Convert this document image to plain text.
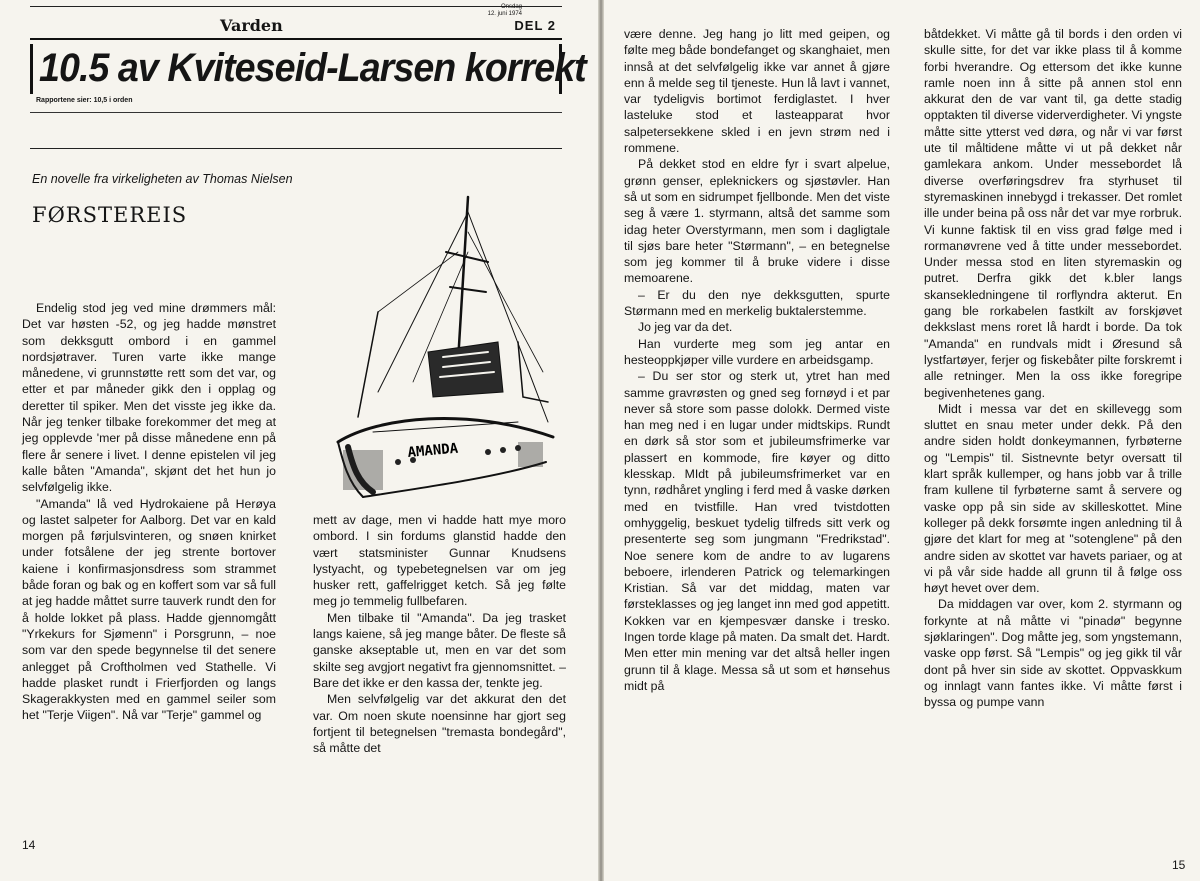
Varden
Onsdag
12. juni 1974
DEL 2
10.5 av Kviteseid-Larsen korrekt
Rapportene sier: 10,5 i orden
En novelle fra virkeligheten av Thomas Nielsen
FØRSTEREIS
AMANDA

Endelig stod jeg ved mine drømmers mål: Det var høsten -52, og jeg hadde mønstret som dekksgutt ombord i en gammel nordsjøtraver. Turen varte ikke mange månedene, vi grunnstøtte rett som det var, og etter et par måneder gikk den i opplag og deretter til spiker. Men det visste jeg ikke da. Når jeg tenker tilbake forekommer det meg at jeg opplevde 'mer på disse månedene enn på flere år senere i livet. I denne epistelen vil jeg kalle båten "Amanda", skjønt det het hun jo selvfølgelig ikke.

"Amanda" lå ved Hydrokaiene på Herøya og lastet salpeter for Aalborg. Det var en kald morgen på førjulsvinteren, og snøen knirket under fotsålene der jeg strente bortover kaiene i konfirmasjonsdress som strammet både foran og bak og en koffert som var så full at jeg hadde måttet surre tauverk rundt den for å holde lokket på plass. Hadde gjennomgått "Yrkekurs for Sjømenn" i Porsgrunn, – noe som var den spede begynnelse til det senere anlegget på Croftholmen ved Stathelle. Vi hadde plasket rundt i Frierfjorden og langs Skagerakkysten med en gammel seiler som het "Terje Viigen". Nå var "Terje" gammel og

mett av dage, men vi hadde hatt mye moro ombord. I sin fordums glanstid hadde den vært statsminister Gunnar Knudsens lystyacht, og typebetegnelsen var om jeg husker rett, gaffelrigget ketch. Så jeg følte meg jo temmelig fullbefaren.

Men tilbake til "Amanda". Da jeg trasket langs kaiene, så jeg mange båter. De fleste så ganske akseptable ut, men en var det som skilte seg avgjort negativt fra gjennomsnittet. – Bare det ikke er den kassa der, tenkte jeg.

Men selvfølgelig var det akkurat den det var. Om noen skute noensinne har gjort seg fortjent til betegnelsen "tremasta bondegård", så måtte det

14

være denne. Jeg hang jo litt med geipen, og følte meg både bondefanget og skanghaiet, men innså at det selvfølgelig ikke var annet å gjøre enn å melde seg til tjeneste. Hun lå lavt i vannet, var tydeligvis bortimot ferdiglastet. I hver lasteluke stod et lasteapparat hvor salpetersekkene skled i en jevn strøm ned i rommene.

På dekket stod en eldre fyr i svart alpelue, grønn genser, epleknickers og sjøstøvler. Han så ut som en sidrumpet fjellbonde. Men det viste seg å være 1. styrmann, altså det samme som idag heter Overstyrmann, men som i dagligtale til sjøs bare heter "Størmann", – en betegnelse som jeg kommer til å bruke videre i disse memoarene.

– Er du den nye dekksgutten, spurte Størmann med en merkelig buktalerstemme.

Jo jeg var da det.

Han vurderte meg som jeg antar en hesteoppkjøper ville vurdere en arbeidsgamp.

– Du ser stor og sterk ut, ytret han med samme gravrøsten og gned seg fornøyd i et par never så store som passe dolokk. Dermed viste han meg ned i en lugar under midtskips. Rundt en dørk så stor som et jubileumsfrimerke var plassert en kommode, fire køyer og ditto klesskap. MIdt på jubileumsfrimerket var en tynn, rødhåret yngling i ferd med å vaske dørken med en tvistfille. Han vred tvistdotten omhyggelig, beskuet tydelig tilfreds sitt verk og presenterte seg som jungmann "Fredrikstad". Noe senere kom de andre to av lugarens beboere, irlenderen Patrick og telemarkingen Kristian. Så var det middag, maten var førsteklasses og jeg langet inn med god appetitt. Kokken var en kjempesvær danske i tresko. Ingen torde klage på maten. Da smalt det. Hardt. Men etter min mening var det altså heller ingen grunn til å klage. Messa så ut som et hønsehus midt på

båtdekket. Vi måtte gå til bords i den orden vi skulle sitte, for det var ikke plass til å komme forbi hverandre. Og ettersom det ikke kunne ramle noen inn å sitte på annen stol enn akkurat den de var vant til, ga dette stadig opptakten til diverse viderverdigheter. Vi yngste måtte sitte ytterst ved døra, og når vi var først ute til måltidene måtte vi ut på dekket når gamlekara ankom. Under messebordet lå diverse overføringsdrev fra styrhuset til styremaskinen innebygd i trekasser. Det romlet ille under beina på oss når det var mye rorbruk. Vi kunne faktisk til en viss grad følge med i rormanøvrene ved å titte under messebordet. Under messa stod en liten styremaskin og putret. Derfra gikk det k.bler langs skansekledningene til rorflyndra akterut. En gang ble rorkabelen fastkilt av forskjøvet dekkslast mens roret lå hardt i borde. Da tok "Amanda" en rundvals midt i Øresund så lystfartøyer, ferjer og fiskebåter pilte forskremt i alle retninger. Men la oss ikke foregripe begivenhetenes gang.

Midt i messa var det en skillevegg som sluttet en snau meter under dekk. På den andre siden holdt donkeymannen, fyrbøterne og "Lempis" til. Sistnevnte betyr oversatt til klart språk kullemper, og hans jobb var å trille fram kullene til fyrbøterne samt å servere og vaske opp på sin side av skilleskottet. Mine kolleger på dekk forsømte ingen anledning til å gjøre det klart for meg at "sotenglene" på den andre siden av skottet var havets pariaer, og at vi på vår side hadde all grunn til å følge oss høyt hevet over dem.

Da middagen var over, kom 2. styrmann og forkynte at nå måtte vi "pinadø" begynne sjøklaringen". Dog måtte jeg, som yngstemann, vaske opp først. Så "Lempis" og jeg gikk til vår dont på hver sin side av skottet. Oppvaskkum og innlagt vann fantes ikke. Vi måtte først i byssa og pumpe vann

15
